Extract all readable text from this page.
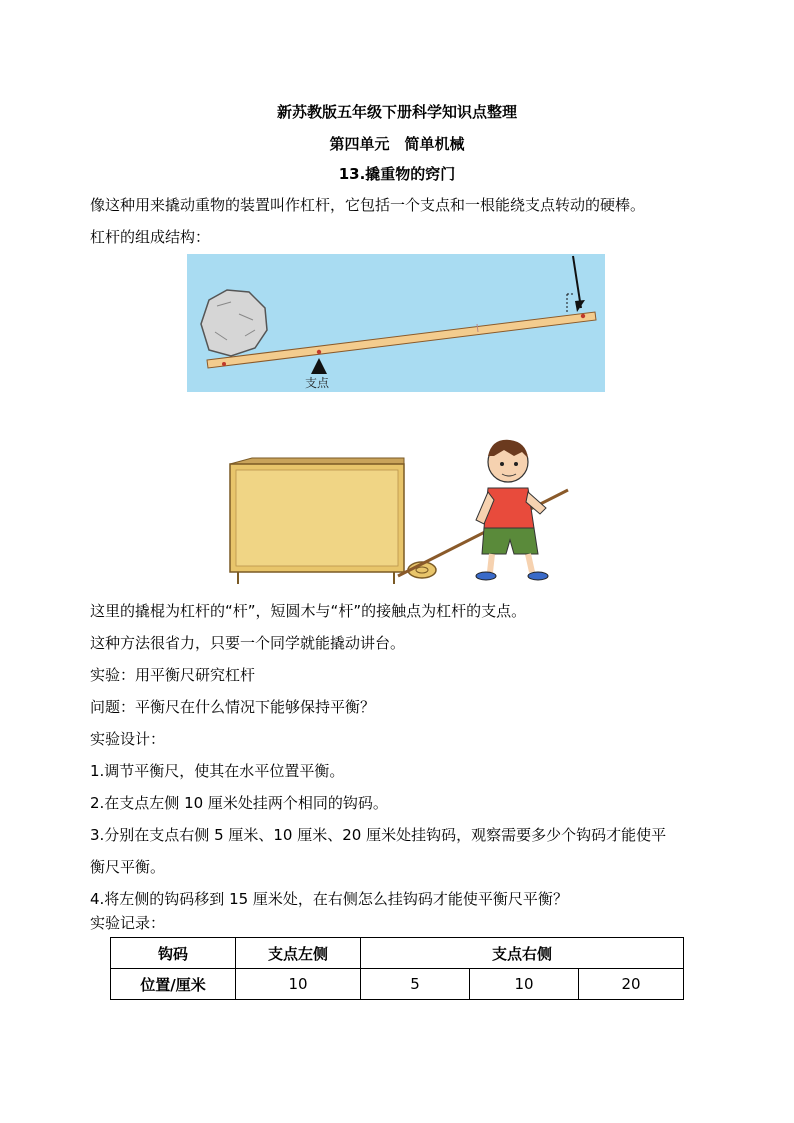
新苏教版五年级下册科学知识点整理
第四单元　简单机械
13.撬重物的窍门
像这种用来撬动重物的装置叫作杠杆，它包括一个支点和一根能绕支点转动的硬棒。
杠杆的组成结构：
支点
这里的撬棍为杠杆的“杆”，短圆木与“杆”的接触点为杠杆的支点。
这种方法很省力，只要一个同学就能撬动讲台。
实验：用平衡尺研究杠杆
问题：平衡尺在什么情况下能够保持平衡？
实验设计：
1.调节平衡尺，使其在水平位置平衡。
2.在支点左侧 10 厘米处挂两个相同的钩码。
3.分别在支点右侧 5 厘米、10 厘米、20 厘米处挂钩码，观察需要多少个钩码才能使平
衡尺平衡。
4.将左侧的钩码移到 15 厘米处，在右侧怎么挂钩码才能使平衡尺平衡？
实验记录：
钩码	支点左侧	支点右侧		
位置/厘米	10	5	10	20
